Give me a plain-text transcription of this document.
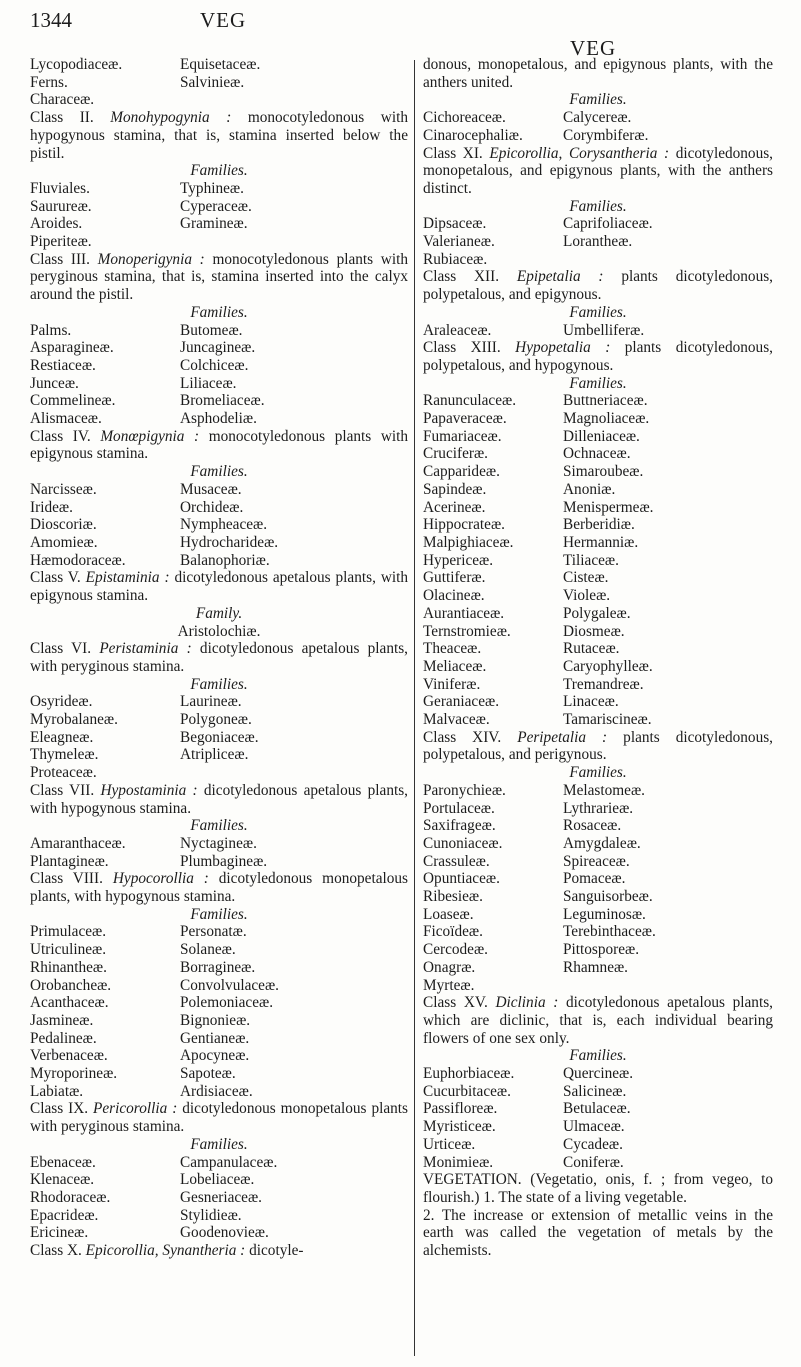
1344	VEG
VEG
Lycopodiaceæ.	Equisetaceæ.
Ferns.	Salvinieæ.

Characeæ.

Class II. Monohypogynia : monocotyledonous with hypogynous stamina, that is, stamina inserted below the pistil.

Families.

Fluviales.	Typhineæ.
Saurureæ.	Cyperaceæ.
Aroides.	Gramineæ.

Piperiteæ.

Class III. Monoperigynia : monocotyledonous plants with peryginous stamina, that is, stamina inserted into the calyx around the pistil.

Families.

Palms.	Butomeæ.
Asparagineæ.	Juncagineæ.
Restiaceæ.	Colchiceæ.
Junceæ.	Liliaceæ.
Commelineæ.	Bromeliaceæ.
Alismaceæ.	Asphodeliæ.

Class IV. Monœpigynia : monocotyledonous plants with epigynous stamina.

Families.

Narcisseæ.	Musaceæ.
Irideæ.	Orchideæ.
Dioscoriæ.	Nympheaceæ.
Amomieæ.	Hydrocharideæ.
Hæmodoraceæ.	Balanophoriæ.

Class V. Epistaminia : dicotyledonous apetalous plants, with epigynous stamina.

Family.

Aristolochiæ.

Class VI. Peristaminia : dicotyledonous apetalous plants, with peryginous stamina.

Families.

Osyrideæ.	Laurineæ.
Myrobalaneæ.	Polygoneæ.
Eleagneæ.	Begoniaceæ.
Thymeleæ.	Atripliceæ.

Proteaceæ.

Class VII. Hypostaminia : dicotyledonous apetalous plants, with hypogynous stamina.

Families.

Amaranthaceæ.	Nyctagineæ.
Plantagineæ.	Plumbagineæ.

Class VIII. Hypocorollia : dicotyledonous monopetalous plants, with hypogynous stamina.

Families.

Primulaceæ.	Personatæ.
Utriculineæ.	Solaneæ.
Rhinantheæ.	Borragineæ.
Orobancheæ.	Convolvulaceæ.
Acanthaceæ.	Polemoniaceæ.
Jasmineæ.	Bignonieæ.
Pedalineæ.	Gentianeæ.
Verbenaceæ.	Apocyneæ.
Myroporineæ.	Sapoteæ.
Labiatæ.	Ardisiaceæ.

Class IX. Pericorollia : dicotyledonous monopetalous plants with peryginous stamina.

Families.

Ebenaceæ.	Campanulaceæ.
Klenaceæ.	Lobeliaceæ.
Rhodoraceæ.	Gesneriaceæ.
Epacrideæ.	Stylidieæ.
Ericineæ.	Goodenovieæ.

Class X. Epicorollia, Synantheria : dicotyle-

donous, monopetalous, and epigynous plants, with the anthers united.

Families.

Cichoreaceæ.	Calycereæ.
Cinarocephaliæ.	Corymbiferæ.

Class XI. Epicorollia, Corysantheria : dicotyledonous, monopetalous, and epigynous plants, with the anthers distinct.

Families.

Dipsaceæ.	Caprifoliaceæ.
Valerianeæ.	Lorantheæ.

Rubiaceæ.

Class XII. Epipetalia : plants dicotyledonous, polypetalous, and epigynous.

Families.

Araleaceæ.	Umbelliferæ.

Class XIII. Hypopetalia : plants dicotyledonous, polypetalous, and hypogynous.

Families.

Ranunculaceæ.	Buttneriaceæ.
Papaveraceæ.	Magnoliaceæ.
Fumariaceæ.	Dilleniaceæ.
Cruciferæ.	Ochnaceæ.
Capparideæ.	Simaroubeæ.
Sapindeæ.	Anoniæ.
Acerineæ.	Menispermeæ.
Hippocrateæ.	Berberidiæ.
Malpighiaceæ.	Hermanniæ.
Hypericeæ.	Tiliaceæ.
Guttiferæ.	Cisteæ.
Olacineæ.	Violeæ.
Aurantiaceæ.	Polygaleæ.
Ternstromieæ.	Diosmeæ.
Theaceæ.	Rutaceæ.
Meliaceæ.	Caryophylleæ.
Viniferæ.	Tremandreæ.
Geraniaceæ.	Linaceæ.
Malvaceæ.	Tamariscineæ.

Class XIV. Peripetalia : plants dicotyledonous, polypetalous, and perigynous.

Families.

Paronychieæ.	Melastomeæ.
Portulaceæ.	Lythrarieæ.
Saxifrageæ.	Rosaceæ.
Cunoniaceæ.	Amygdaleæ.
Crassuleæ.	Spireaceæ.
Opuntiaceæ.	Pomaceæ.
Ribesieæ.	Sanguisorbeæ.
Loaseæ.	Leguminosæ.
Ficoïdeæ.	Terebinthaceæ.
Cercodeæ.	Pittosporeæ.
Onagræ.	Rhamneæ.

Myrteæ.

Class XV. Diclinia : dicotyledonous apetalous plants, which are diclinic, that is, each individual bearing flowers of one sex only.

Families.

Euphorbiaceæ.	Quercineæ.
Cucurbitaceæ.	Salicineæ.
Passifloreæ.	Betulaceæ.
Myristiceæ.	Ulmaceæ.
Urticeæ.	Cycadeæ.
Monimieæ.	Coniferæ.

VEGETATION. (Vegetatio, onis, f. ; from vegeo, to flourish.) 1. The state of a living vegetable.

2. The increase or extension of metallic veins in the earth was called the vegetation of metals by the alchemists.
